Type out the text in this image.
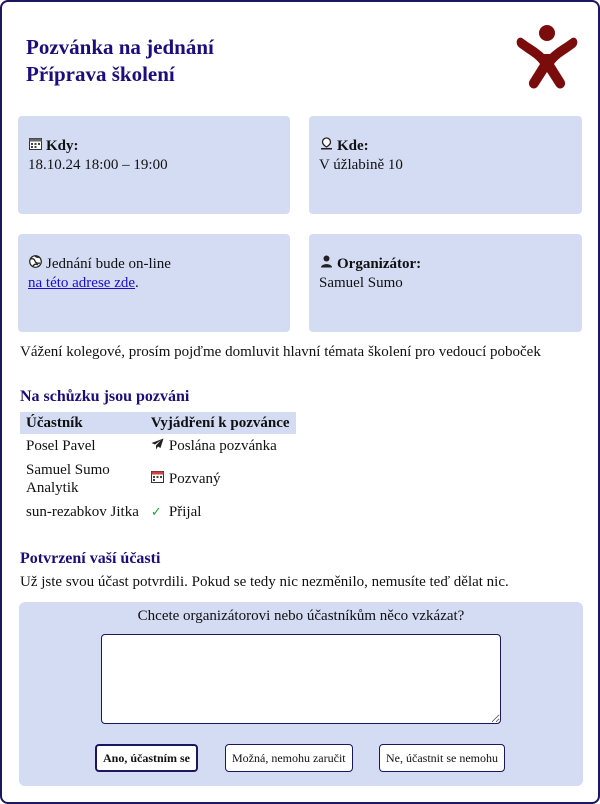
Pozvánka na jednání
Příprava školení
Kdy:
18.10.24 18:00 – 19:00
Kde:
V úžlabině 10
Jednání bude on-line
na této adrese zde.
Organizátor:
Samuel Sumo
Vážení kolegové, prosím pojďme domluvit hlavní témata školení pro vedoucí poboček
Na schůzku jsou pozváni
Účastník	Vyjádření k pozvánce
Posel Pavel	Poslána pozvánka

Samuel Sumo
Analytik	Pozvaný
sun-rezabkov Jitka	✓ Přijal
Potvrzení vaší účasti
Už jste svou účast potvrdili. Pokud se tedy nic nezměnilo, nemusíte teď dělat nic.
Chcete organizátorovi nebo účastníkům něco vzkázat?
Ano, účastním se	Možná, nemohu zaručit	Ne, účastnit se nemohu
